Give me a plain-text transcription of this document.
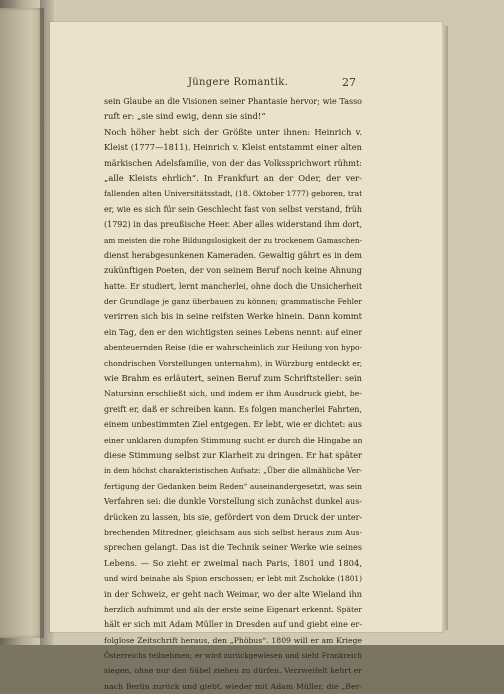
Jüngere Romantik.	27
sein Glaube an die Visionen seiner Phantasie hervor; wie Tasso
ruft er: „sie sind ewig, denn sie sind!“
Noch höher hebt sich der Größte unter ihnen: Heinrich v.
Kleist (1777—1811). Heinrich v. Kleist entstammt einer alten
märkischen Adelsfamilie, von der das Volkssprichwort rühmt:
„alle Kleists ehrlich“. In Frankfurt an der Oder, der ver-
fallenden alten Universitätsstadt, (18. Oktober 1777) geboren, trat
er, wie es sich für sein Geschlecht fast von selbst verstand, früh
(1792) in das preußische Heer. Aber alles widerstand ihm dort,
am meisten die rohe Bildungslosigkeit der zu trockenem Gamaschen-
dienst herabgesunkenen Kameraden. Gewaltig gährt es in dem
zukünftigen Poeten, der von seinem Beruf noch keine Ahnung
hatte. Er studiert, lernt mancherlei, ohne doch die Unsicherheit
der Grundlage je ganz überbauen zu können; grammatische Fehler
verirren sich bis in seine reifsten Werke hinein. Dann kommt
ein Tag, den er den wichtigsten seines Lebens nennt: auf einer
abenteuernden Reise (die er wahrscheinlich zur Heilung von hypo-
chondrischen Vorstellungen unternahm), in Würzburg entdeckt er,
wie Brahm es erläutert, seinen Beruf zum Schriftsteller: sein
Natursinn erschließt sich, und indem er ihm Ausdruck giebt, be-
greift er, daß er schreiben kann. Es folgen mancherlei Fahrten,
einem unbestimmten Ziel entgegen. Er lebt, wie er dichtet: aus
einer unklaren dumpfen Stimmung sucht er durch die Hingabe an
diese Stimmung selbst zur Klarheit zu dringen. Er hat später
in dem höchst charakteristischen Aufsatz: „Über die allmähliche Ver-
fertigung der Gedanken beim Reden“ auseinandergesetzt, was sein
Verfahren sei: die dunkle Vorstellung sich zunächst dunkel aus-
drücken zu lassen, bis sie, gefördert von dem Druck der unter-
brechenden Mitredner, gleichsam aus sich selbst heraus zum Aus-
sprechen gelangt. Das ist die Technik seiner Werke wie seines
Lebens. — So zieht er zweimal nach Paris, 1801 und 1804,
und wird beinahe als Spion erschossen; er lebt mit Zschokke (1801)
in der Schweiz, er geht nach Weimar, wo der alte Wieland ihn
herzlich aufnimmt und als der erste seine Eigenart erkennt. Später
hält er sich mit Adam Müller in Dresden auf und giebt eine er-
folglose Zeitschrift heraus, den „Phöbus“. 1809 will er am Kriege
Österreichs teilnehmen; er wird zurückgewiesen und sieht Frankreich
siegen, ohne nur den Säbel ziehen zu dürfen. Verzweifelt kehrt er
nach Berlin zurück und giebt, wieder mit Adam Müller, die „Ber-
